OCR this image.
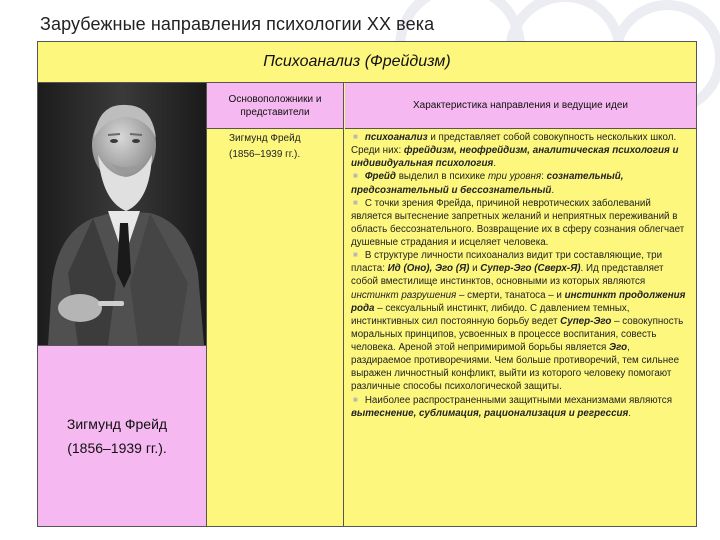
Зарубежные направления психологии XX века
Психоанализ (Фрейдизм)
Зигмунд Фрейд
(1856–1939 гг.).
Основоположники и представители
Характеристика направления и ведущие идеи
Зигмунд Фрейд
(1856–1939 гг.).

■ психоанализ и представляет собой совокупность нескольких школ. Среди них: фрейдизм, неофрейдизм, аналитическая психология и индивидуальная психология.

■ Фрейд выделил в психике три уровня: сознательный, предсознательный и бессознательный.

■ С точки зрения Фрейда, причиной невротических заболеваний является вытеснение запретных желаний и неприятных переживаний в область бессознательного. Возвращение их в сферу сознания облегчает душевные страдания и исцеляет человека.

■ В структуре личности психоанализ видит три составляющие, три пласта: Ид (Оно), Эго (Я) и Супер-Эго (Сверх-Я). Ид представляет собой вместилище инстинктов, основными из которых являются инстинкт разрушения – смерти, танатоса – и инстинкт продолжения рода – сексуальный инстинкт, либидо. С давлением темных, инстинктивных сил постоянную борьбу ведет Супер-Эго – совокупность моральных принципов, усвоенных в процессе воспитания, совесть человека. Ареной этой непримиримой борьбы является Эго, раздираемое противоречиями. Чем больше противоречий, тем сильнее выражен личностный конфликт, выйти из которого человеку помогают различные способы психологической защиты.

■ Наиболее распространенными защитными механизмами являются вытеснение, сублимация, рационализация и регрессия.
